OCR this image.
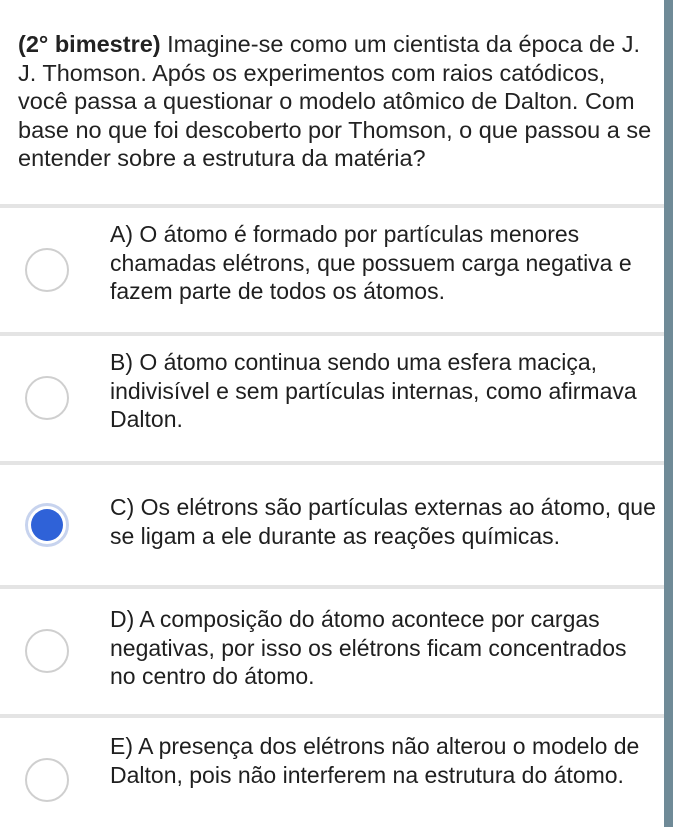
(2° bimestre) Imagine-se como um cientista da época de J. J. Thomson. Após os experimentos com raios catódicos, você passa a questionar o modelo atômico de Dalton. Com base no que foi descoberto por Thomson, o que passou a se entender sobre a estrutura da matéria?

A) O átomo é formado por partículas menores chamadas elétrons, que possuem carga negativa e fazem parte de todos os átomos.
B) O átomo continua sendo uma esfera maciça, indivisível e sem partículas internas, como afirmava Dalton.
C) Os elétrons são partículas externas ao átomo, que se ligam a ele durante as reações químicas.
D) A composição do átomo acontece por cargas negativas, por isso os elétrons ficam concentrados no centro do átomo.
E) A presença dos elétrons não alterou o modelo de Dalton, pois não interferem na estrutura do átomo.
